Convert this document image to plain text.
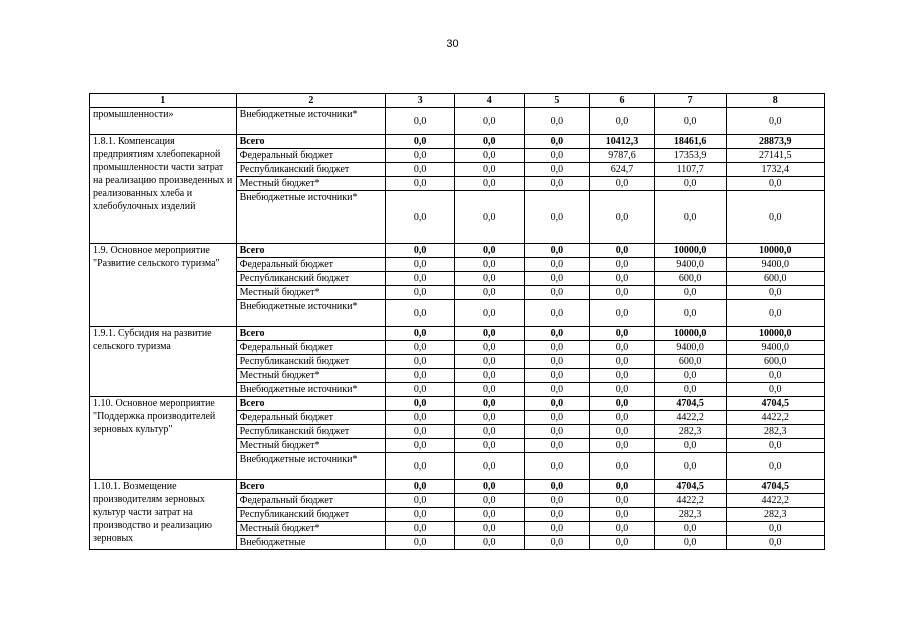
30
1	2	3	4	5	6	7	8
промышленности»	Внебюджетные источники*	0,0	0,0	0,0	0,0	0,0	0,0
1.8.1. Компенсация предприятиям хлебопекарной промышленности части затрат на реализацию произведенных и реализованных хлеба и хлебобулочных изделий	Всего	0,0	0,0	0,0	10412,3	18461,6	28873,9
	Федеральный бюджет	0,0	0,0	0,0	9787,6	17353,9	27141,5
	Республиканский бюджет	0,0	0,0	0,0	624,7	1107,7	1732,4
	Местный бюджет*	0,0	0,0	0,0	0,0	0,0	0,0
	Внебюджетные источники*	0,0	0,0	0,0	0,0	0,0	0,0
1.9. Основное мероприятие "Развитие сельского туризма"	Всего	0,0	0,0	0,0	0,0	10000,0	10000,0
	Федеральный бюджет	0,0	0,0	0,0	0,0	9400,0	9400,0
	Республиканский бюджет	0,0	0,0	0,0	0,0	600,0	600,0
	Местный бюджет*	0,0	0,0	0,0	0,0	0,0	0,0
	Внебюджетные источники*	0,0	0,0	0,0	0,0	0,0	0,0
1.9.1. Субсидия на развитие сельского туризма	Всего	0,0	0,0	0,0	0,0	10000,0	10000,0
	Федеральный бюджет	0,0	0,0	0,0	0,0	9400,0	9400,0
	Республиканский бюджет	0,0	0,0	0,0	0,0	600,0	600,0
	Местный бюджет*	0,0	0,0	0,0	0,0	0,0	0,0
	Внебюджетные источники*	0,0	0,0	0,0	0,0	0,0	0,0
1.10. Основное мероприятие "Поддержка производителей зерновых культур"	Всего	0,0	0,0	0,0	0,0	4704,5	4704,5
	Федеральный бюджет	0,0	0,0	0,0	0,0	4422,2	4422,2
	Республиканский бюджет	0,0	0,0	0,0	0,0	282,3	282,3
	Местный бюджет*	0,0	0,0	0,0	0,0	0,0	0,0
	Внебюджетные источники*	0,0	0,0	0,0	0,0	0,0	0,0
1.10.1. Возмещение производителям зерновых культур части затрат на производство и реализацию зерновых	Всего	0,0	0,0	0,0	0,0	4704,5	4704,5
	Федеральный бюджет	0,0	0,0	0,0	0,0	4422,2	4422,2
	Республиканский бюджет	0,0	0,0	0,0	0,0	282,3	282,3
	Местный бюджет*	0,0	0,0	0,0	0,0	0,0	0,0
	Внебюджетные	0,0	0,0	0,0	0,0	0,0	0,0
